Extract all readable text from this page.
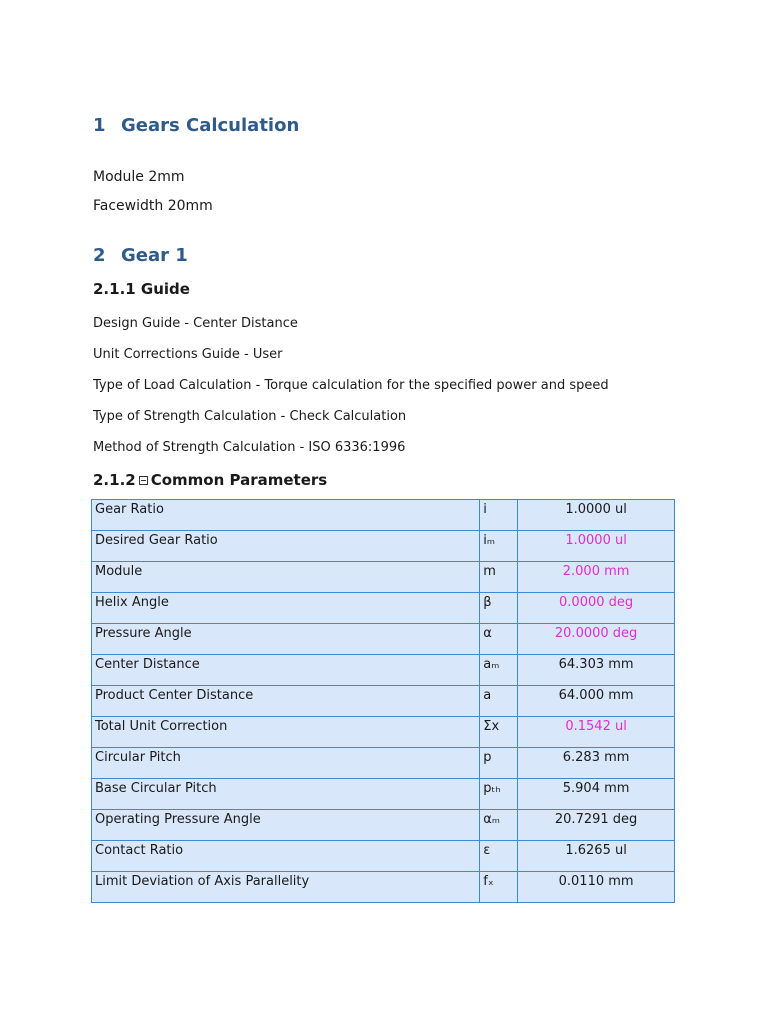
1 Gears Calculation

Module 2mm

Facewidth 20mm

2 Gear 1
2.1.1 Guide

Design Guide - Center Distance

Unit Corrections Guide - User

Type of Load Calculation - Torque calculation for the specified power and speed

Type of Strength Calculation - Check Calculation

Method of Strength Calculation - ISO 6336:1996

2.1.2 Common Parameters
Gear Ratio	i	1.0000 ul
Desired Gear Ratio	iₘ	1.0000 ul
Module	m	2.000 mm
Helix Angle	β	0.0000 deg
Pressure Angle	α	20.0000 deg
Center Distance	aₘ	64.303 mm
Product Center Distance	a	64.000 mm
Total Unit Correction	Σx	0.1542 ul
Circular Pitch	p	6.283 mm
Base Circular Pitch	pₜₕ	5.904 mm
Operating Pressure Angle	αₘ	20.7291 deg
Contact Ratio	ε	1.6265 ul
Limit Deviation of Axis Parallelity	fₓ	0.0110 mm
